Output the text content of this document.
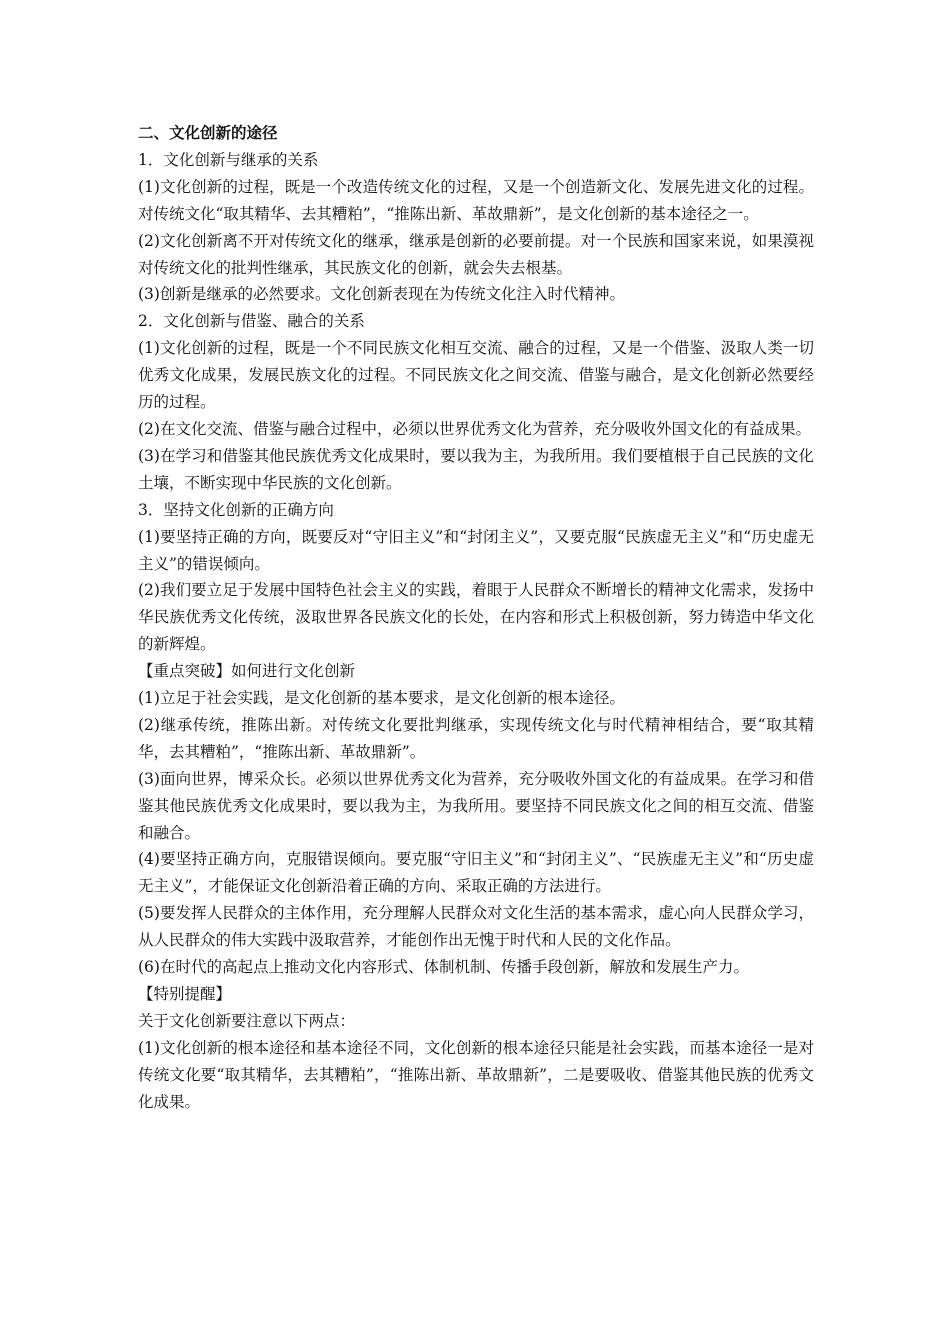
二、文化创新的途径

1．文化创新与继承的关系

(1)文化创新的过程，既是一个改造传统文化的过程，又是一个创造新文化、发展先进文化的过程。对传统文化“取其精华、去其糟粕”，“推陈出新、革故鼎新”，是文化创新的基本途径之一。

(2)文化创新离不开对传统文化的继承，继承是创新的必要前提。对一个民族和国家来说，如果漠视对传统文化的批判性继承，其民族文化的创新，就会失去根基。

(3)创新是继承的必然要求。文化创新表现在为传统文化注入时代精神。

2．文化创新与借鉴、融合的关系

(1)文化创新的过程，既是一个不同民族文化相互交流、融合的过程，又是一个借鉴、汲取人类一切优秀文化成果，发展民族文化的过程。不同民族文化之间交流、借鉴与融合，是文化创新必然要经历的过程。

(2)在文化交流、借鉴与融合过程中，必须以世界优秀文化为营养，充分吸收外国文化的有益成果。

(3)在学习和借鉴其他民族优秀文化成果时，要以我为主，为我所用。我们要植根于自己民族的文化土壤，不断实现中华民族的文化创新。

3．坚持文化创新的正确方向

(1)要坚持正确的方向，既要反对“守旧主义”和“封闭主义”，又要克服“民族虚无主义”和“历史虚无主义”的错误倾向。

(2)我们要立足于发展中国特色社会主义的实践，着眼于人民群众不断增长的精神文化需求，发扬中华民族优秀文化传统，汲取世界各民族文化的长处，在内容和形式上积极创新，努力铸造中华文化的新辉煌。

【重点突破】如何进行文化创新

(1)立足于社会实践，是文化创新的基本要求，是文化创新的根本途径。

(2)继承传统，推陈出新。对传统文化要批判继承，实现传统文化与时代精神相结合，要“取其精华，去其糟粕”，“推陈出新、革故鼎新”。

(3)面向世界，博采众长。必须以世界优秀文化为营养，充分吸收外国文化的有益成果。在学习和借鉴其他民族优秀文化成果时，要以我为主，为我所用。要坚持不同民族文化之间的相互交流、借鉴和融合。

(4)要坚持正确方向，克服错误倾向。要克服“守旧主义”和“封闭主义”、“民族虚无主义”和“历史虚无主义”，才能保证文化创新沿着正确的方向、采取正确的方法进行。

(5)要发挥人民群众的主体作用，充分理解人民群众对文化生活的基本需求，虚心向人民群众学习，从人民群众的伟大实践中汲取营养，才能创作出无愧于时代和人民的文化作品。

(6)在时代的高起点上推动文化内容形式、体制机制、传播手段创新，解放和发展生产力。

【特别提醒】

关于文化创新要注意以下两点：

(1)文化创新的根本途径和基本途径不同，文化创新的根本途径只能是社会实践，而基本途径一是对传统文化要“取其精华，去其糟粕”，“推陈出新、革故鼎新”，二是要吸收、借鉴其他民族的优秀文化成果。
